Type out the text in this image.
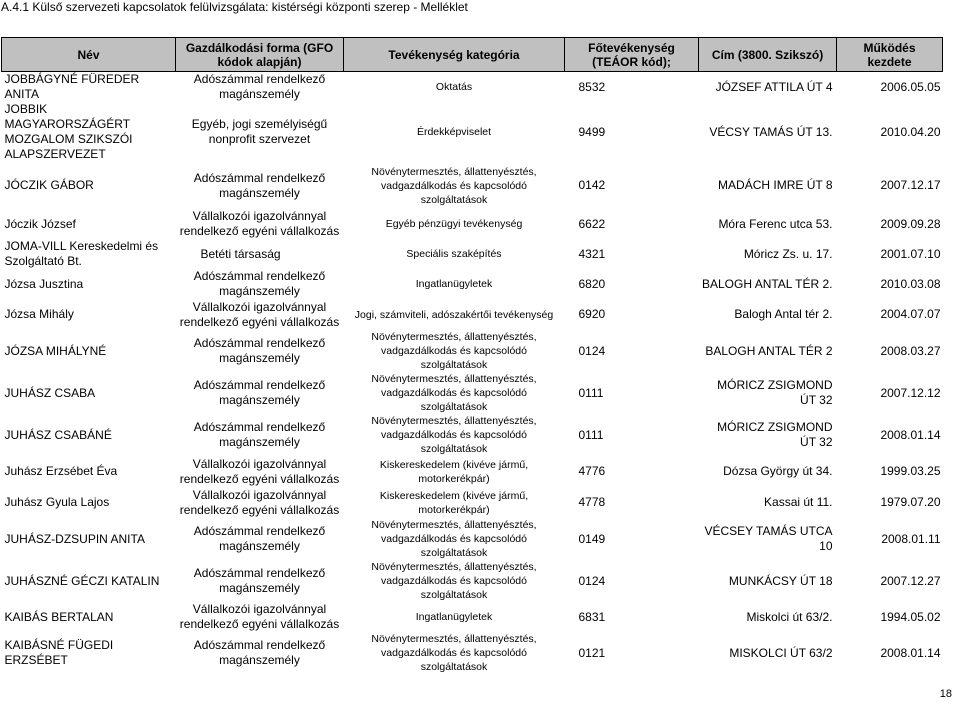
A.4.1 Külső szervezeti kapcsolatok felülvizsgálata: kistérségi központi szerep - Melléklet
Név	Gazdálkodási forma (GFO kódok alapján)	Tevékenység kategória	Főtevékenység (TEÁOR kód);	Cím (3800. Szikszó)	Működés kezdete
JOBBÁGYNÉ FÜREDER ANITA	Adószámmal rendelkező magánszemély	Oktatás	8532	JÓZSEF ATTILA ÚT 4	2006.05.05
JOBBIK MAGYARORSZÁGÉRT MOZGALOM SZIKSZÓI ALAPSZERVEZET	Egyéb, jogi személyiségű nonprofit szervezet	Érdekképviselet	9499	VÉCSY TAMÁS ÚT 13.	2010.04.20
JÓCZIK GÁBOR	Adószámmal rendelkező magánszemély	Növénytermesztés, állattenyésztés, vadgazdálkodás és kapcsolódó szolgáltatások	0142	MADÁCH IMRE ÚT 8	2007.12.17
Jóczik József	Vállalkozói igazolvánnyal rendelkező egyéni vállalkozás	Egyéb pénzügyi tevékenység	6622	Móra Ferenc utca 53.	2009.09.28
JOMA-VILL Kereskedelmi és Szolgáltató Bt.	Betéti társaság	Speciális szaképítés	4321	Móricz Zs. u. 17.	2001.07.10
Józsa Jusztina	Adószámmal rendelkező magánszemély	Ingatlanügyletek	6820	BALOGH ANTAL TÉR 2.	2010.03.08
Józsa Mihály	Vállalkozói igazolvánnyal rendelkező egyéni vállalkozás	Jogi, számviteli, adószakértői tevékenység	6920	Balogh Antal tér 2.	2004.07.07
JÓZSA MIHÁLYNÉ	Adószámmal rendelkező magánszemély	Növénytermesztés, állattenyésztés, vadgazdálkodás és kapcsolódó szolgáltatások	0124	BALOGH ANTAL TÉR 2	2008.03.27
JUHÁSZ CSABA	Adószámmal rendelkező magánszemély	Növénytermesztés, állattenyésztés, vadgazdálkodás és kapcsolódó szolgáltatások	0111	MÓRICZ ZSIGMOND ÚT 32	2007.12.12
JUHÁSZ CSABÁNÉ	Adószámmal rendelkező magánszemély	Növénytermesztés, állattenyésztés, vadgazdálkodás és kapcsolódó szolgáltatások	0111	MÓRICZ ZSIGMOND ÚT 32	2008.01.14
Juhász Erzsébet Éva	Vállalkozói igazolvánnyal rendelkező egyéni vállalkozás	Kiskereskedelem (kivéve jármű, motorkerékpár)	4776	Dózsa György út 34.	1999.03.25
Juhász Gyula Lajos	Vállalkozói igazolvánnyal rendelkező egyéni vállalkozás	Kiskereskedelem (kivéve jármű, motorkerékpár)	4778	Kassai út 11.	1979.07.20
JUHÁSZ-DZSUPIN ANITA	Adószámmal rendelkező magánszemély	Növénytermesztés, állattenyésztés, vadgazdálkodás és kapcsolódó szolgáltatások	0149	VÉCSEY TAMÁS UTCA 10	2008.01.11
JUHÁSZNÉ GÉCZI KATALIN	Adószámmal rendelkező magánszemély	Növénytermesztés, állattenyésztés, vadgazdálkodás és kapcsolódó szolgáltatások	0124	MUNKÁCSY ÚT 18	2007.12.27
KAIBÁS BERTALAN	Vállalkozói igazolvánnyal rendelkező egyéni vállalkozás	Ingatlanügyletek	6831	Miskolci út 63/2.	1994.05.02
KAIBÁSNÉ FÜGEDI ERZSÉBET	Adószámmal rendelkező magánszemély	Növénytermesztés, állattenyésztés, vadgazdálkodás és kapcsolódó szolgáltatások	0121	MISKOLCI ÚT 63/2	2008.01.14
18
